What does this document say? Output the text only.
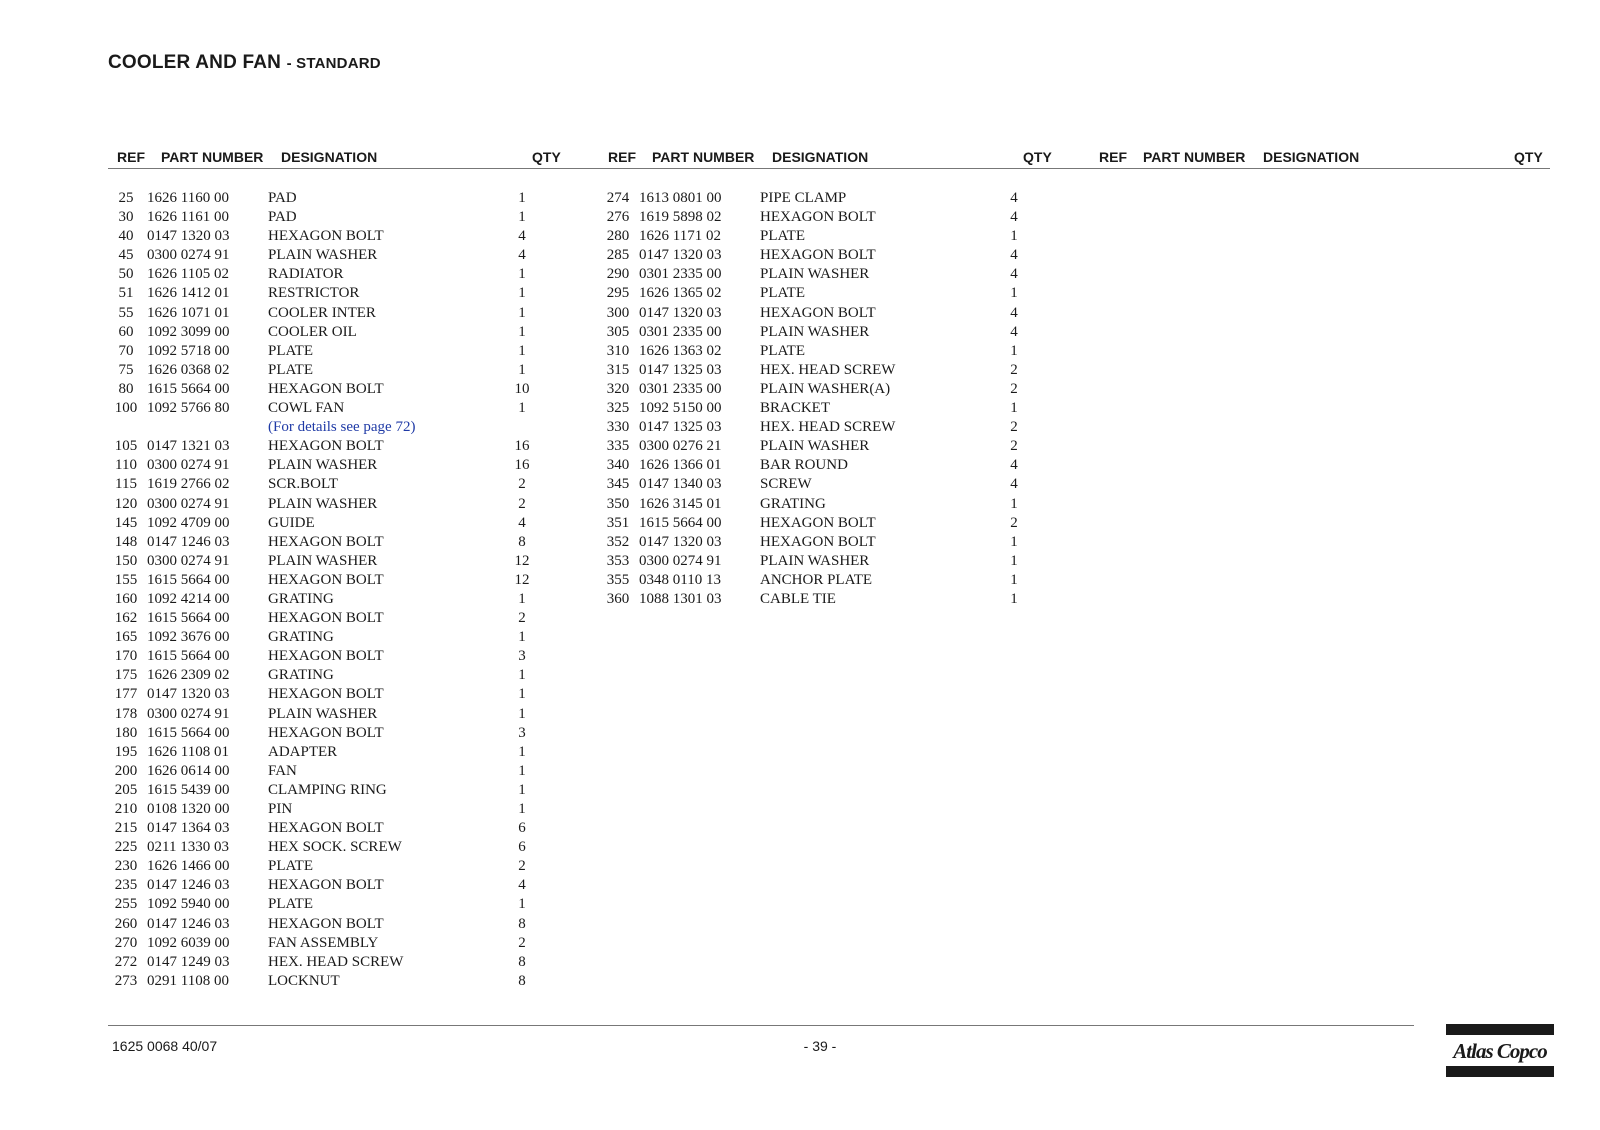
COOLER AND FAN - STANDARD
REF PART NUMBER DESIGNATION	QTY	REF PART NUMBER DESIGNATION	QTY	REF PART NUMBER DESIGNATION	QTY
25 1626 1160 00	PAD	1
30 1626 1161 00	PAD	1
40 0147 1320 03	HEXAGON BOLT	4
45 0300 0274 91	PLAIN WASHER	4
50 1626 1105 02	RADIATOR	1
51 1626 1412 01	RESTRICTOR	1
55 1626 1071 01	COOLER INTER	1
60 1092 3099 00	COOLER OIL	1
70 1092 5718 00	PLATE	1
75 1626 0368 02	PLATE	1
80 1615 5664 00	HEXAGON BOLT	10
100 1092 5766 80	COWL FAN	1
(For details see page 72)
105 0147 1321 03	HEXAGON BOLT	16
110 0300 0274 91	PLAIN WASHER	16
115 1619 2766 02	SCR.BOLT	2
120 0300 0274 91	PLAIN WASHER	2
145 1092 4709 00	GUIDE	4
148 0147 1246 03	HEXAGON BOLT	8
150 0300 0274 91	PLAIN WASHER	12
155 1615 5664 00	HEXAGON BOLT	12
160 1092 4214 00	GRATING	1
162 1615 5664 00	HEXAGON BOLT	2
165 1092 3676 00	GRATING	1
170 1615 5664 00	HEXAGON BOLT	3
175 1626 2309 02	GRATING	1
177 0147 1320 03	HEXAGON BOLT	1
178 0300 0274 91	PLAIN WASHER	1
180 1615 5664 00	HEXAGON BOLT	3
195 1626 1108 01	ADAPTER	1
200 1626 0614 00	FAN	1
205 1615 5439 00	CLAMPING RING	1
210 0108 1320 00	PIN	1
215 0147 1364 03	HEXAGON BOLT	6
225 0211 1330 03	HEX SOCK. SCREW	6
230 1626 1466 00	PLATE	2
235 0147 1246 03	HEXAGON BOLT	4
255 1092 5940 00	PLATE	1
260 0147 1246 03	HEXAGON BOLT	8
270 1092 6039 00	FAN ASSEMBLY	2
272 0147 1249 03	HEX. HEAD SCREW	8
273 0291 1108 00	LOCKNUT	8
274 1613 0801 00	PIPE CLAMP	4
276 1619 5898 02	HEXAGON BOLT	4
280 1626 1171 02	PLATE	1
285 0147 1320 03	HEXAGON BOLT	4
290 0301 2335 00	PLAIN WASHER	4
295 1626 1365 02	PLATE	1
300 0147 1320 03	HEXAGON BOLT	4
305 0301 2335 00	PLAIN WASHER	4
310 1626 1363 02	PLATE	1
315 0147 1325 03	HEX. HEAD SCREW	2
320 0301 2335 00	PLAIN WASHER(A)	2
325 1092 5150 00	BRACKET	1
330 0147 1325 03	HEX. HEAD SCREW	2
335 0300 0276 21	PLAIN WASHER	2
340 1626 1366 01	BAR ROUND	4
345 0147 1340 03	SCREW	4
350 1626 3145 01	GRATING	1
351 1615 5664 00	HEXAGON BOLT	2
352 0147 1320 03	HEXAGON BOLT	1
353 0300 0274 91	PLAIN WASHER	1
355 0348 0110 13	ANCHOR PLATE	1
360 1088 1301 03	CABLE TIE	1
1625 0068 40/07	- 39 -	Atlas Copco
